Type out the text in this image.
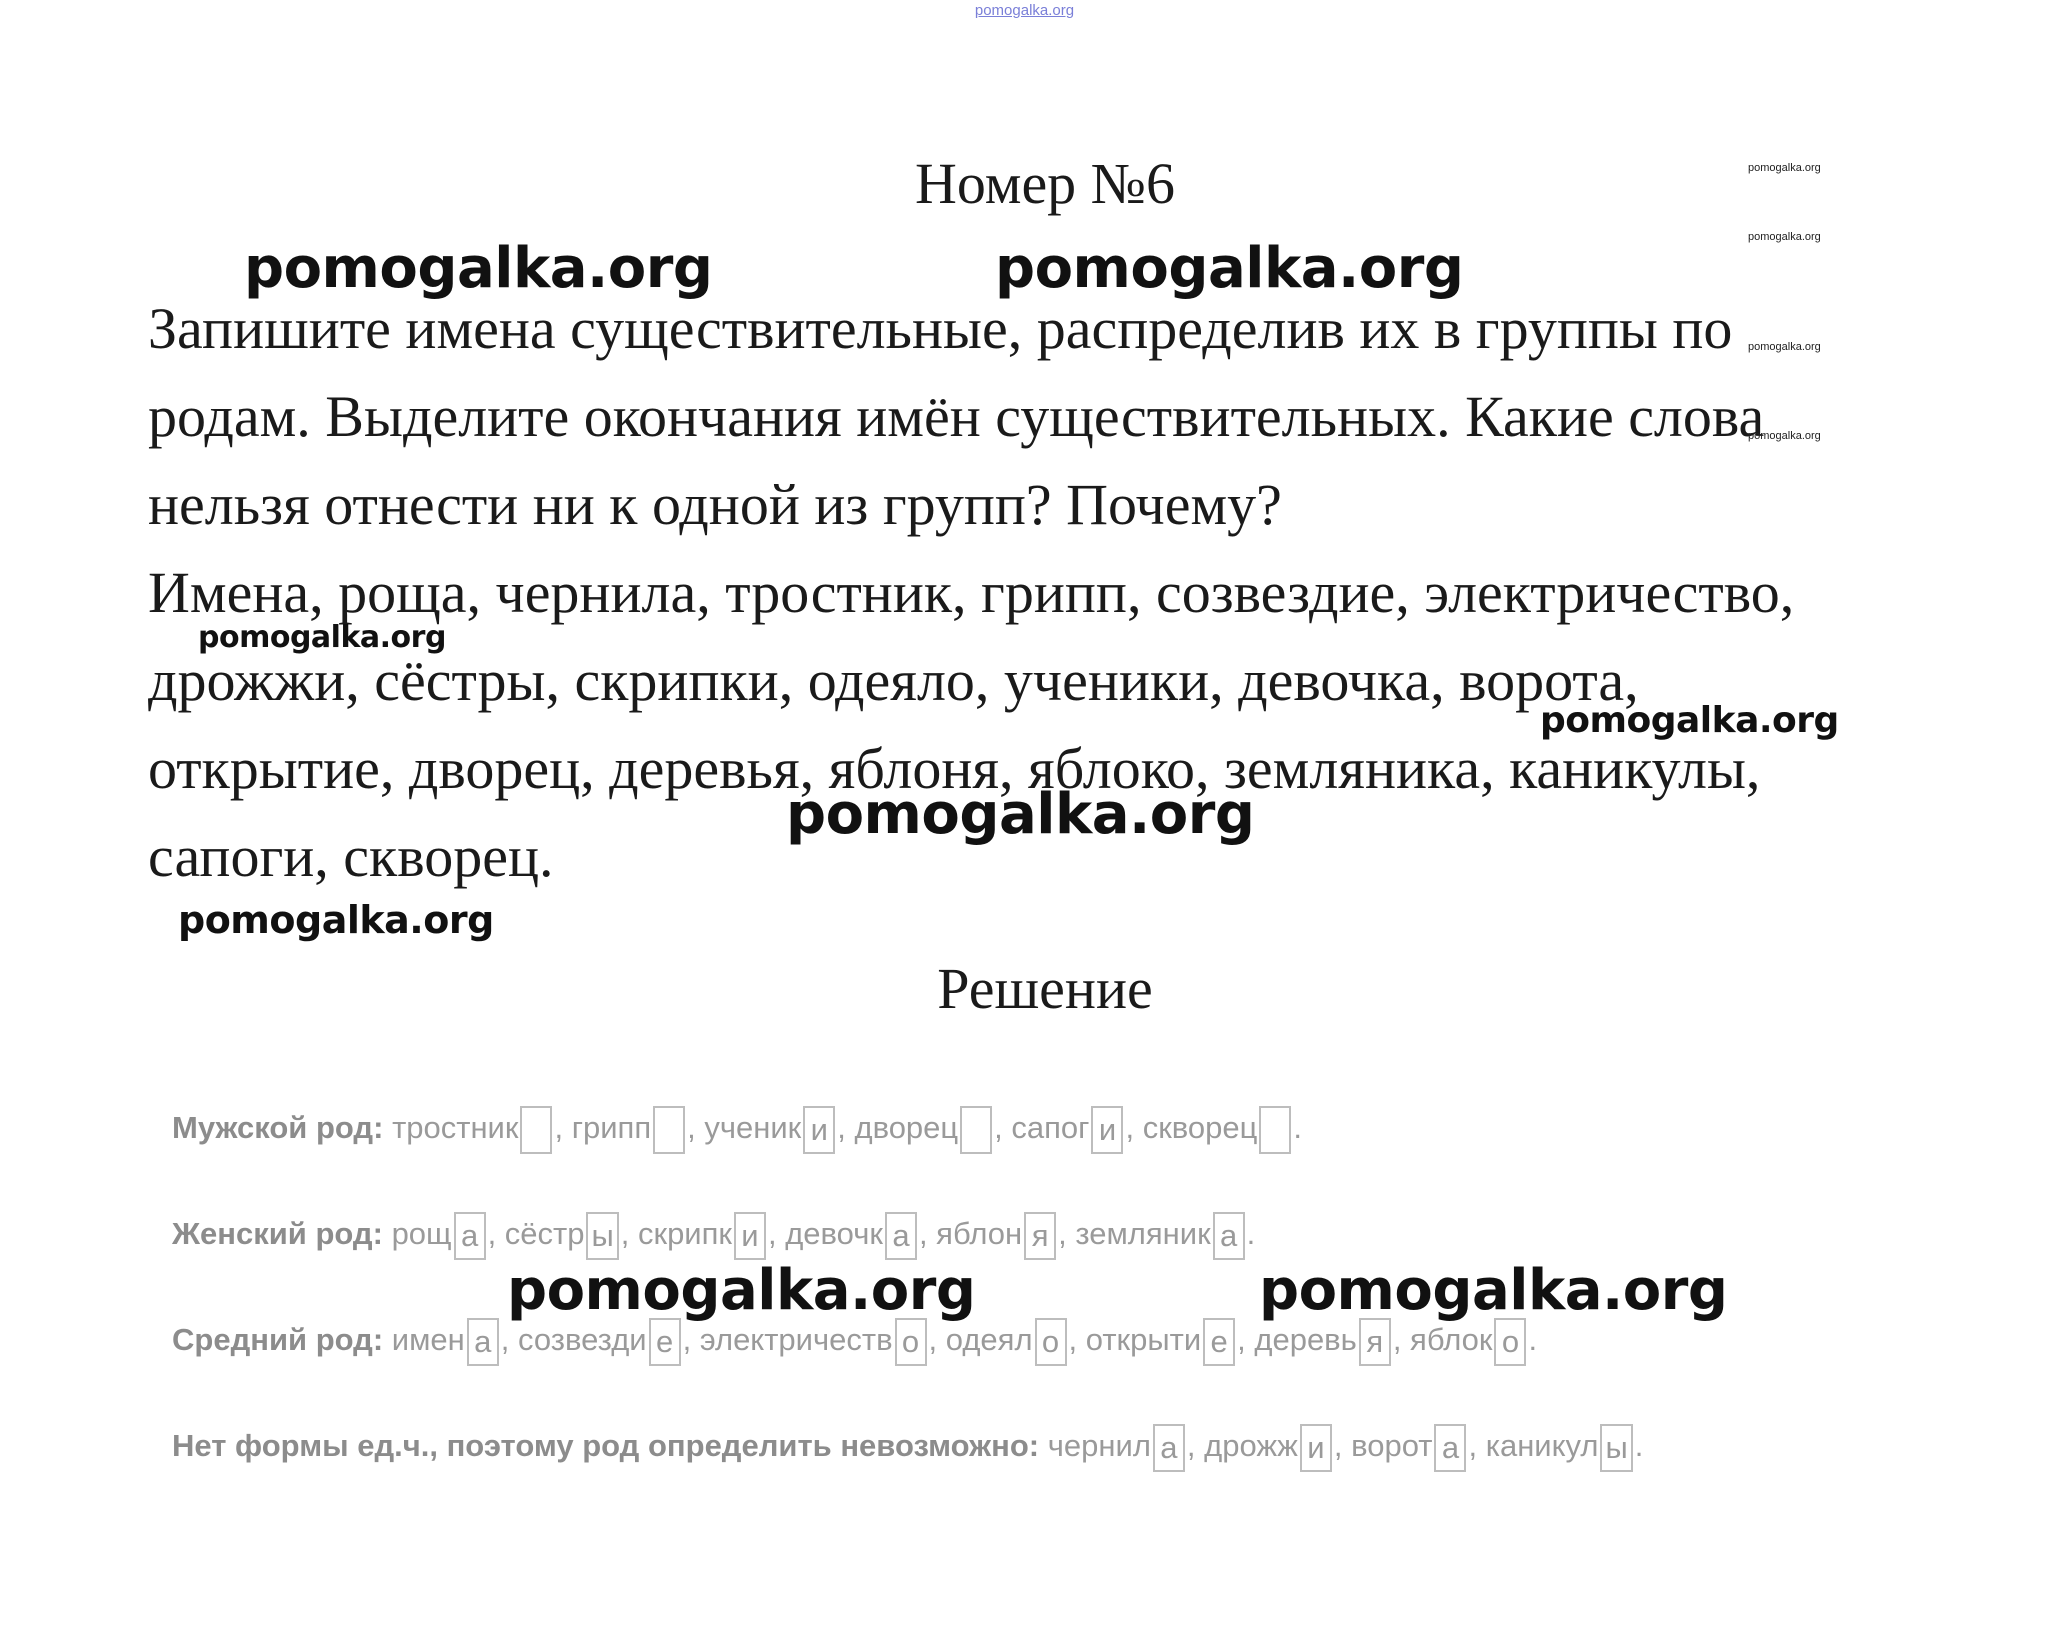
pomogalka.org
Номер №6

Запишите имена существительные, распределив их в группы по

родам. Выделите окончания имён существительных. Какие слова

нельзя отнести ни к одной из групп? Почему?

Имена, роща, чернила, тростник, грипп, созвездие, электричество,

дрожжи, сёстры, скрипки, одеяло, ученики, девочка, ворота,

открытие, дворец, деревья, яблоня, яблоко, земляника, каникулы,

сапоги, скворец.

Решение
Мужской род: тростник , грипп , ученик и , дворец , сапог и , скворец .
Женский род: рощ а , сёстр ы , скрипк и , девочк а , яблон я , земляник а .
Средний род: имен а , созвезди е , электричеств о , одеял о , открыти е , деревь я , яблок о .
Нет формы ед.ч., поэтому род определить невозможно: чернил а , дрожж и , ворот а , каникул ы .
pomogalka.org	pomogalka.org
pomogalka.org
pomogalka.org
pomogalka.org
pomogalka.org
pomogalka.org	pomogalka.org
pomogalka.org
pomogalka.org
pomogalka.org
pomogalka.org
